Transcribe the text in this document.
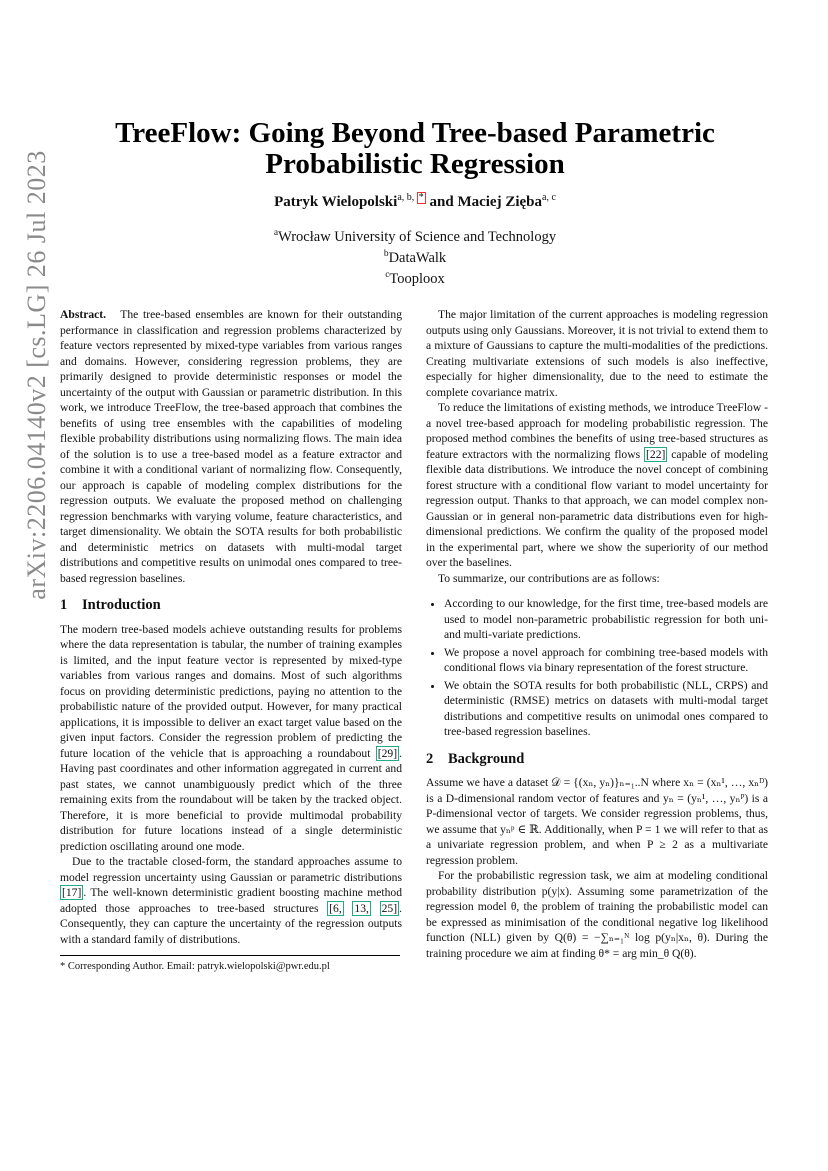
arXiv:2206.04140v2 [cs.LG] 26 Jul 2023
TreeFlow: Going Beyond Tree-based Parametric Probabilistic Regression
Patryk Wielopolski$^{a, b,}$ * and Maciej Zięba$^{a, c}$
$^a$Wrocław University of Science and Technology
$^b$DataWalk
$^c$Tooploox

Abstract. The tree-based ensembles are known for their outstanding performance in classification and regression problems characterized by feature vectors represented by mixed-type variables from various ranges and domains. However, considering regression problems, they are primarily designed to provide deterministic responses or model the uncertainty of the output with Gaussian or parametric distribution. In this work, we introduce TreeFlow, the tree-based approach that combines the benefits of using tree ensembles with the capabilities of modeling flexible probability distributions using normalizing flows. The main idea of the solution is to use a tree-based model as a feature extractor and combine it with a conditional variant of normalizing flow. Consequently, our approach is capable of modeling complex distributions for the regression outputs. We evaluate the proposed method on challenging regression benchmarks with varying volume, feature characteristics, and target dimensionality. We obtain the SOTA results for both probabilistic and deterministic metrics on datasets with multi-modal target distributions and competitive results on unimodal ones compared to tree-based regression baselines.

1 Introduction

The modern tree-based models achieve outstanding results for problems where the data representation is tabular, the number of training examples is limited, and the input feature vector is represented by mixed-type variables from various ranges and domains. Most of such algorithms focus on providing deterministic predictions, paying no attention to the probabilistic nature of the provided output. However, for many practical applications, it is impossible to deliver an exact target value based on the given input factors. Consider the regression problem of predicting the future location of the vehicle that is approaching a roundabout [29] . Having past coordinates and other information aggregated in current and past states, we cannot unambiguously predict which of the three remaining exits from the roundabout will be taken by the tracked object. Therefore, it is more beneficial to provide multimodal probability distribution for future locations instead of a single deterministic prediction oscillating around one mode.

Due to the tractable closed-form, the standard approaches assume to model regression uncertainty using Gaussian or parametric distributions [17] . The well-known deterministic gradient boosting machine method adopted those approaches to tree-based structures [6, 13, 25] . Consequently, they can capture the uncertainty of the regression outputs with a standard family of distributions.

* Corresponding Author. Email: patryk.wielopolski@pwr.edu.pl

The major limitation of the current approaches is modeling regression outputs using only Gaussians. Moreover, it is not trivial to extend them to a mixture of Gaussians to capture the multi-modalities of the predictions. Creating multivariate extensions of such models is also ineffective, especially for higher dimensionality, due to the need to estimate the complete covariance matrix.

To reduce the limitations of existing methods, we introduce TreeFlow - a novel tree-based approach for modeling probabilistic regression. The proposed method combines the benefits of using tree-based structures as feature extractors with the normalizing flows [22] capable of modeling flexible data distributions. We introduce the novel concept of combining forest structure with a conditional flow variant to model uncertainty for regression output. Thanks to that approach, we can model complex non-Gaussian or in general non-parametric data distributions even for high-dimensional predictions. We confirm the quality of the proposed model in the experimental part, where we show the superiority of our method over the baselines.

To summarize, our contributions are as follows:

• According to our knowledge, for the first time, tree-based models are used to model non-parametric probabilistic regression for both uni- and multi-variate predictions.
• We propose a novel approach for combining tree-based models with conditional flows via binary representation of the forest structure.
• We obtain the SOTA results for both probabilistic (NLL, CRPS) and deterministic (RMSE) metrics on datasets with multi-modal target distributions and competitive results on unimodal ones compared to tree-based regression baselines.
2 Background

Assume we have a dataset 𝒟 = {(xₙ, yₙ)}ₙ₌₁..N where xₙ = (xₙ¹, …, xₙᴰ) is a D-dimensional random vector of features and yₙ = (yₙ¹, …, yₙᴾ) is a P-dimensional vector of targets. We consider regression problems, thus, we assume that yₙᵖ ∈ ℝ. Additionally, when P = 1 we will refer to that as a univariate regression problem, and when P ≥ 2 as a multivariate regression problem.

For the probabilistic regression task, we aim at modeling conditional probability distribution p(y|x). Assuming some parametrization of the regression model θ, the problem of training the probabilistic model can be expressed as minimisation of the conditional negative log likelihood function (NLL) given by Q(θ) = −∑ₙ₌₁ᴺ log p(yₙ|xₙ, θ). During the training procedure we aim at finding θ* = arg min_θ Q(θ).
